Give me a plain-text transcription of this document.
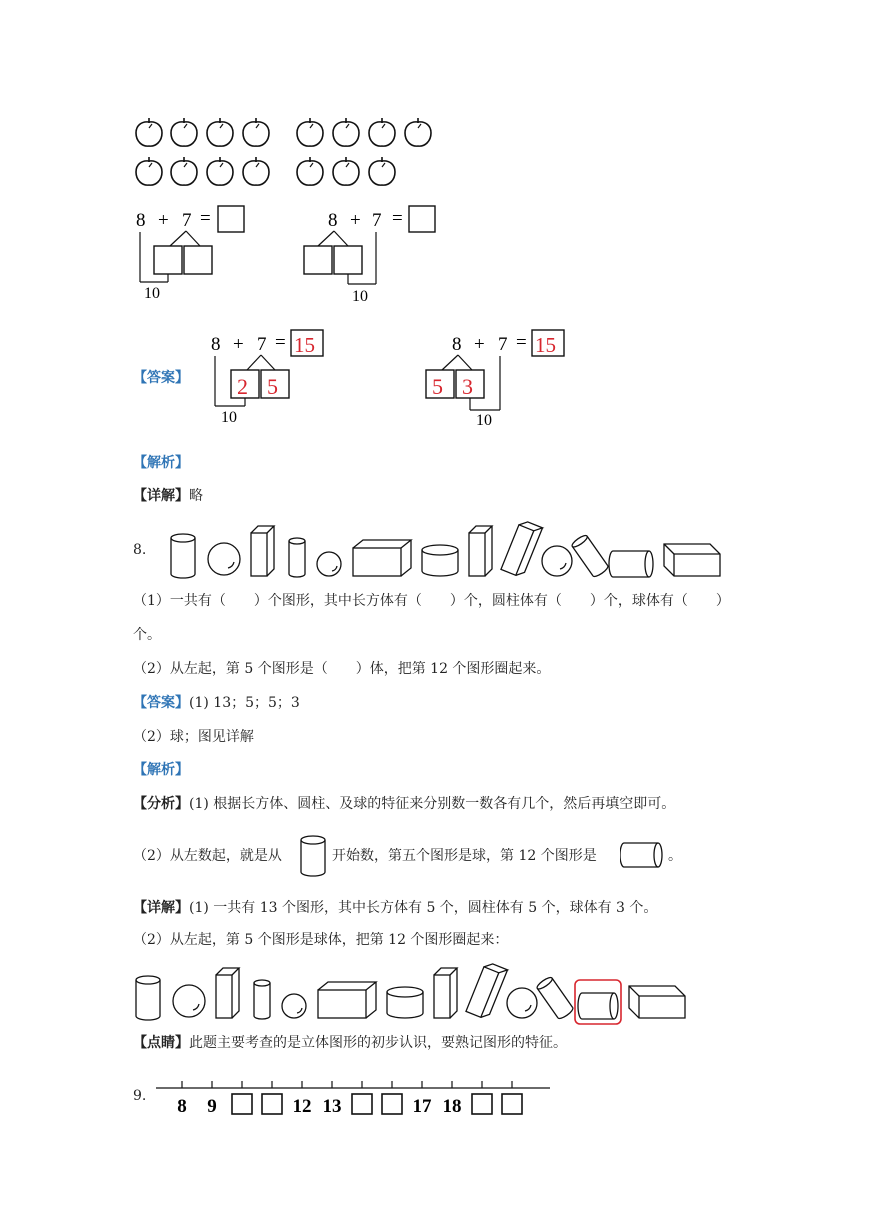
8 + 7 =
10
8 + 7 =
10
【答案】
8 + 7 = 15
2 5
10
8 + 7 = 15
5 3
10
【解析】
【详解】略
8.
（1）一共有（　　）个图形，其中长方体有（　　）个，圆柱体有（　　）个，球体有（　　）
个。
（2）从左起，第 5 个图形是（　　）体，把第 12 个图形圈起来。
【答案】(1) 13；5；5；3
（2）球；图见详解
【解析】
【分析】(1) 根据长方体、圆柱、及球的特征来分别数一数各有几个，然后再填空即可。
（2）从左数起，就是从	开始数，第五个图形是球，第 12 个图形是	。
【详解】(1) 一共有 13 个图形，其中长方体有 5 个，圆柱体有 5 个，球体有 3 个。
（2）从左起，第 5 个图形是球体，把第 12 个图形圈起来：
【点睛】此题主要考查的是立体图形的初步认识，要熟记图形的特征。
9. 8 9	12 13	17 18
